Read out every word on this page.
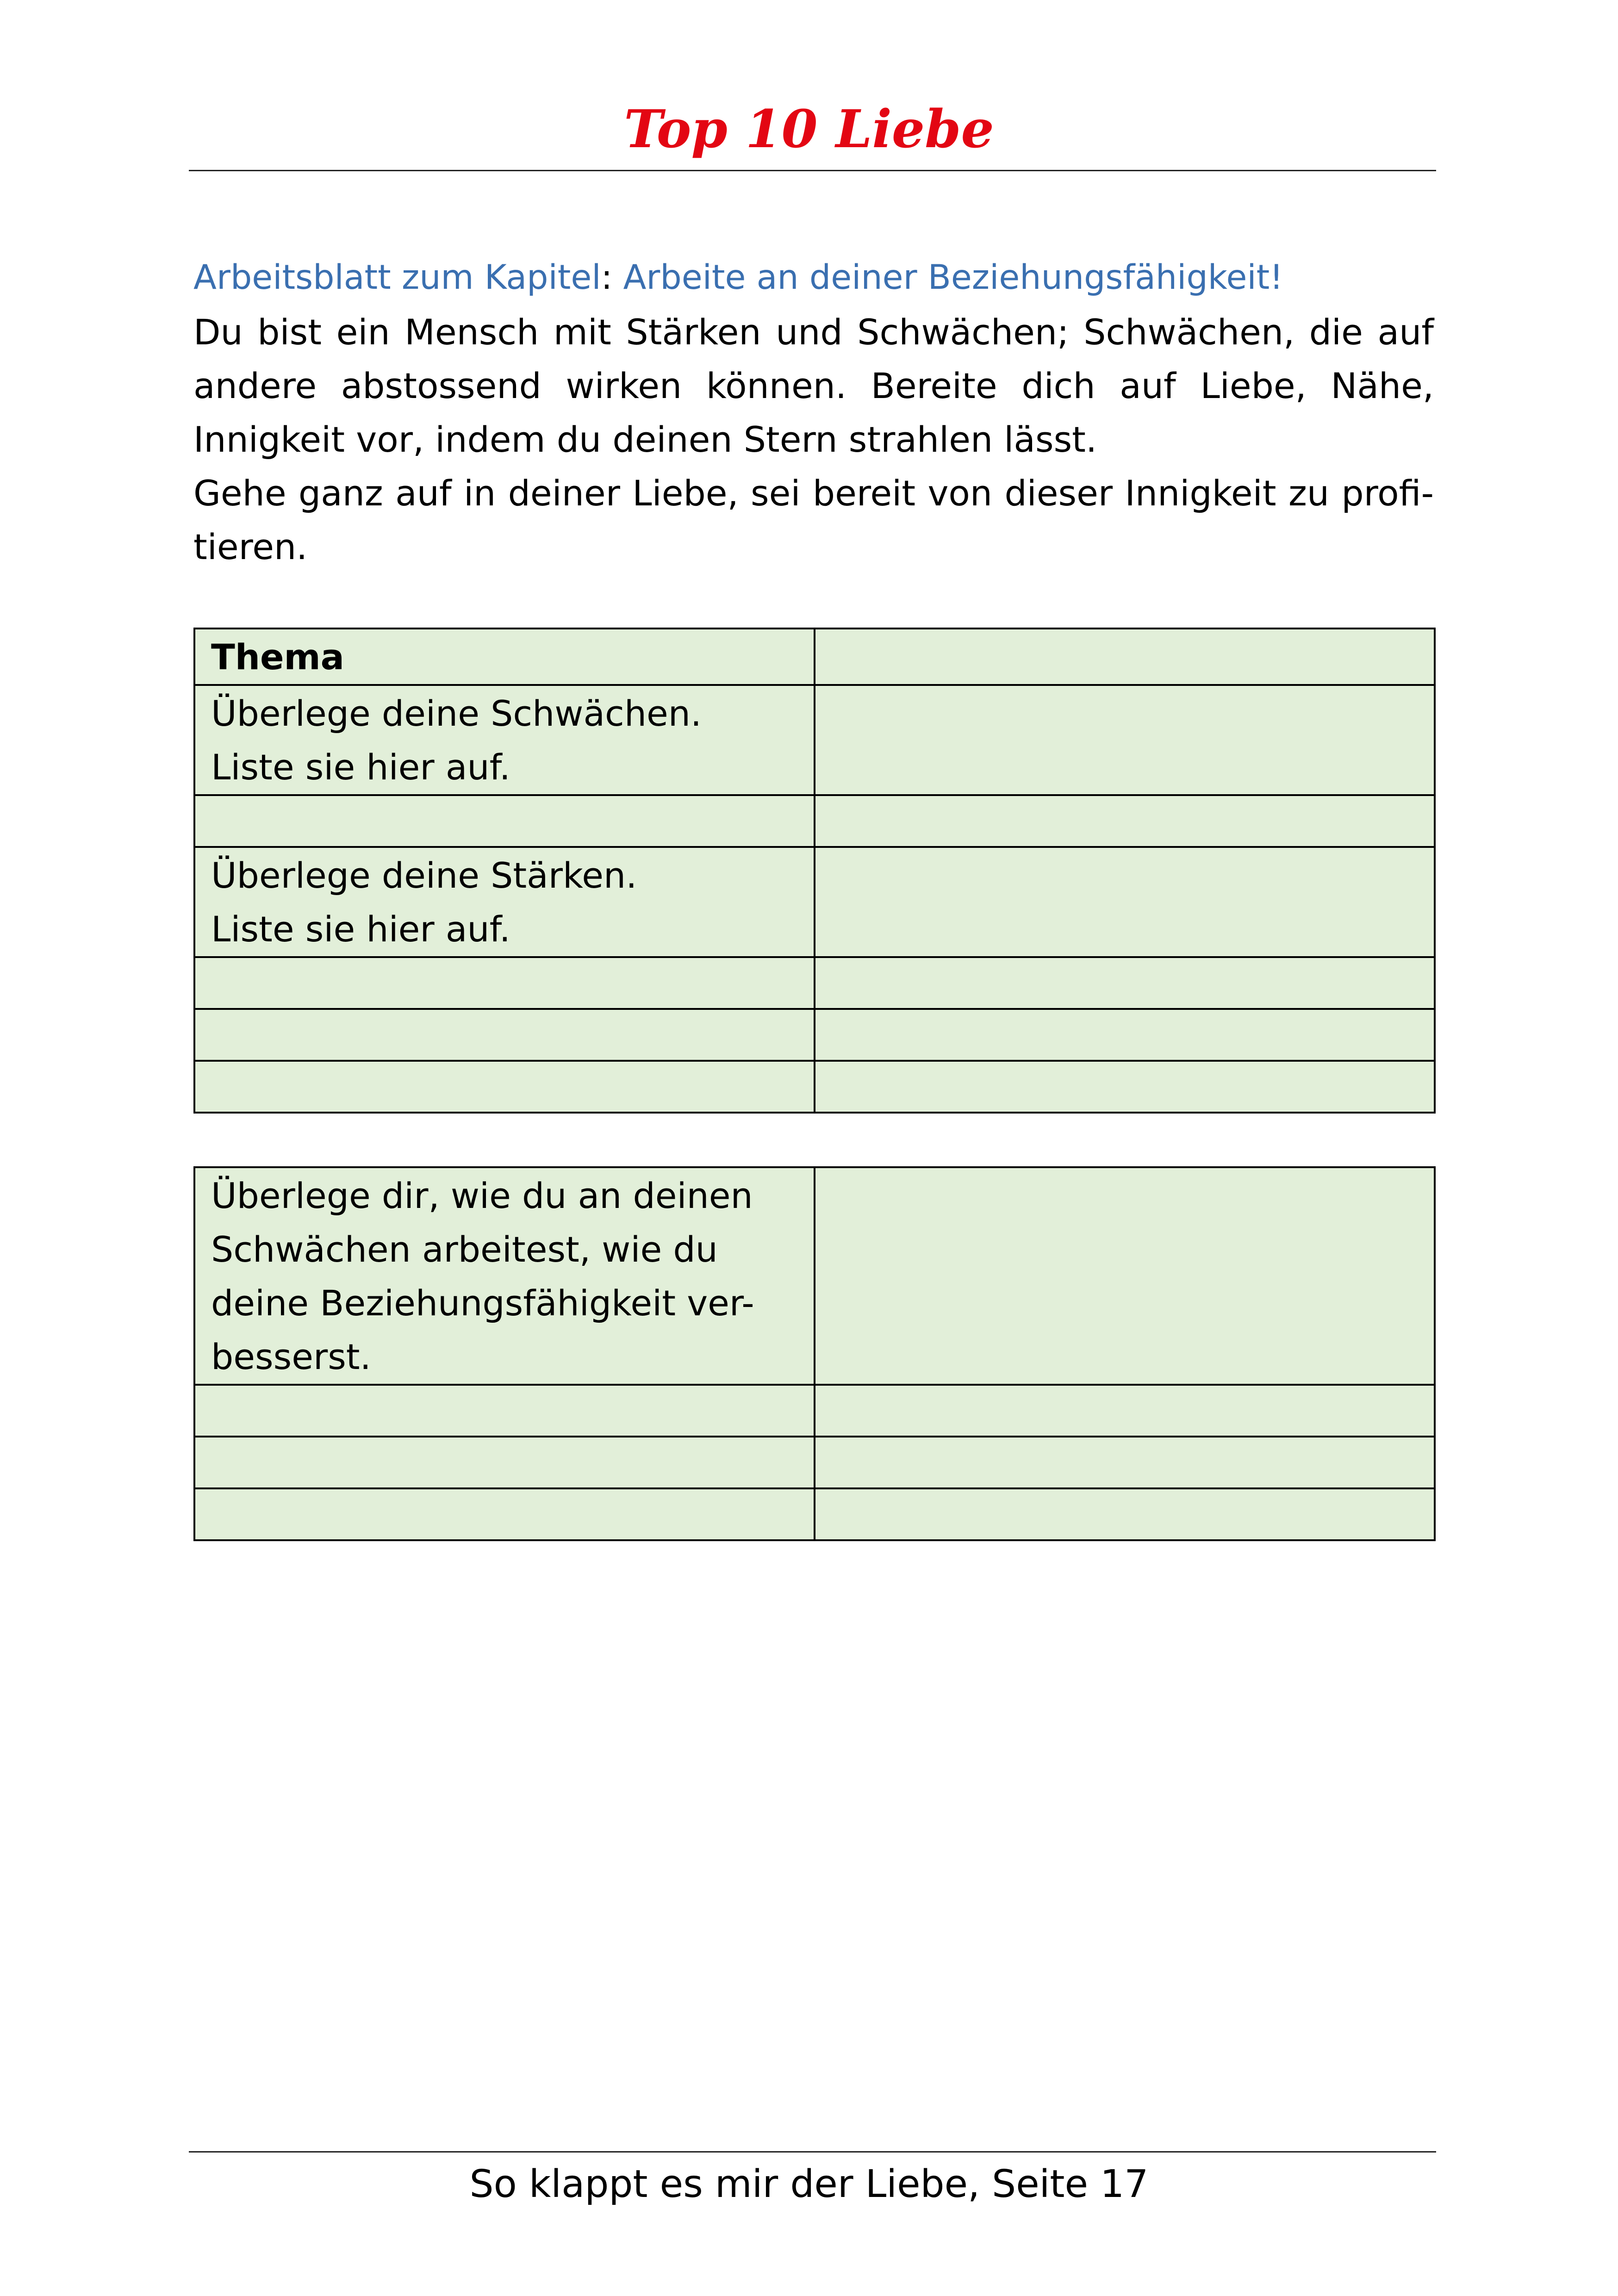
Top 10 Liebe
Arbeitsblatt zum Kapitel: Arbeite an deiner Beziehungsfähigkeit!

Du bist ein Mensch mit Stärken und Schwächen; Schwächen, die auf andere abstossend wirken können. Bereite dich auf Liebe, Nähe, Innigkeit vor, indem du deinen Stern strahlen lässt.

Gehe ganz auf in deiner Liebe, sei bereit von dieser Innigkeit zu profitieren.

Thema	

Überlege deine Schwächen.
Liste sie hier auf.	

Überlege deine Stärken.
Liste sie hier auf.	

Überlege dir, wie du an deinen
Schwächen arbeitest, wie du
deine Beziehungsfähigkeit ver-
besserst.	

So klappt es mir der Liebe, Seite 17
